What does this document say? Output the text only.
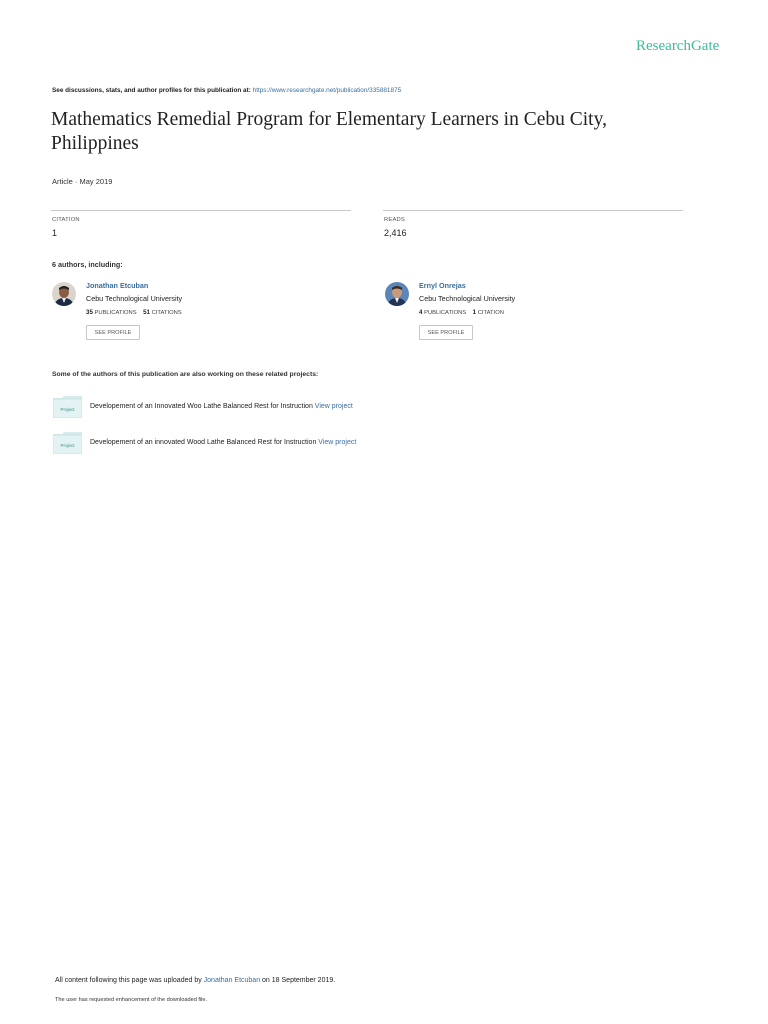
ResearchGate
See discussions, stats, and author profiles for this publication at: https://www.researchgate.net/publication/335881875
Mathematics Remedial Program for Elementary Learners in Cebu City, Philippines
Article · May 2019
CITATION
1
READS
2,416
6 authors, including:
Jonathan Etcuban
Cebu Technological University
35 PUBLICATIONS 51 CITATIONS
SEE PROFILE
Ernyl Onrejas
Cebu Technological University
4 PUBLICATIONS 1 CITATION
SEE PROFILE
Some of the authors of this publication are also working on these related projects:
Project Developement of an Innovated Woo Lathe Balanced Rest for Instruction View project
Project Developement of an innovated Wood Lathe Balanced Rest for Instruction View project
All content following this page was uploaded by Jonathan Etcuban on 18 September 2019.
The user has requested enhancement of the downloaded file.
